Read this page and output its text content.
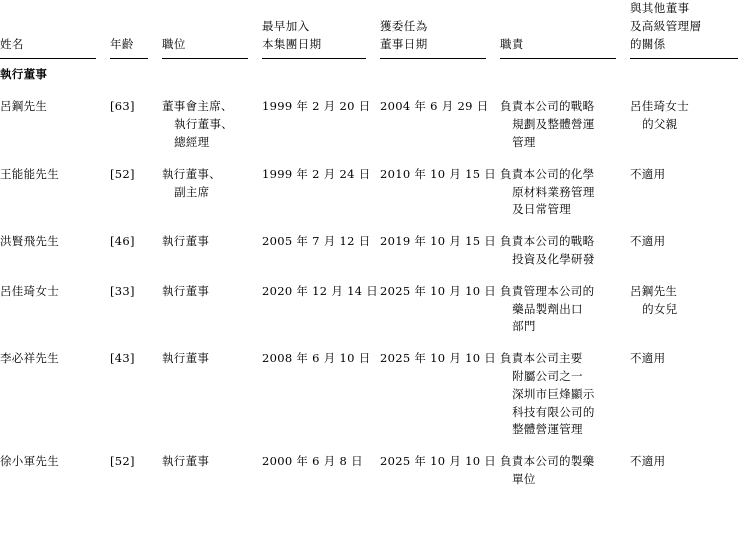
姓名	年齡	職位	最早加入
本集團日期	獲委任為
董事日期	職責	與其他董事
及高級管理層
的關係

執行董事						

呂鋼先生	[63]	董事會主席、
執行董事、
總經理	1999 年 2 月 20 日	2004 年 6 月 29 日	負責本公司的戰略
規劃及整體營運
管理	呂佳琦女士
的父親

王能能先生	[52]	執行董事、
副主席	1999 年 2 月 24 日	2010 年 10 月 15 日	負責本公司的化學
原材料業務管理
及日常管理	不適用

洪賢飛先生	[46]	執行董事	2005 年 7 月 12 日	2019 年 10 月 15 日	負責本公司的戰略
投資及化學研發	不適用

呂佳琦女士	[33]	執行董事	2020 年 12 月 14 日	2025 年 10 月 10 日	負責管理本公司的
藥品製劑出口
部門	呂鋼先生
的女兒

李必祥先生	[43]	執行董事	2008 年 6 月 10 日	2025 年 10 月 10 日	負責本公司主要
附屬公司之一
深圳市巨烽顯示
科技有限公司的
整體營運管理	不適用

徐小軍先生	[52]	執行董事	2000 年 6 月 8 日	2025 年 10 月 10 日	負責本公司的製藥
單位	不適用
